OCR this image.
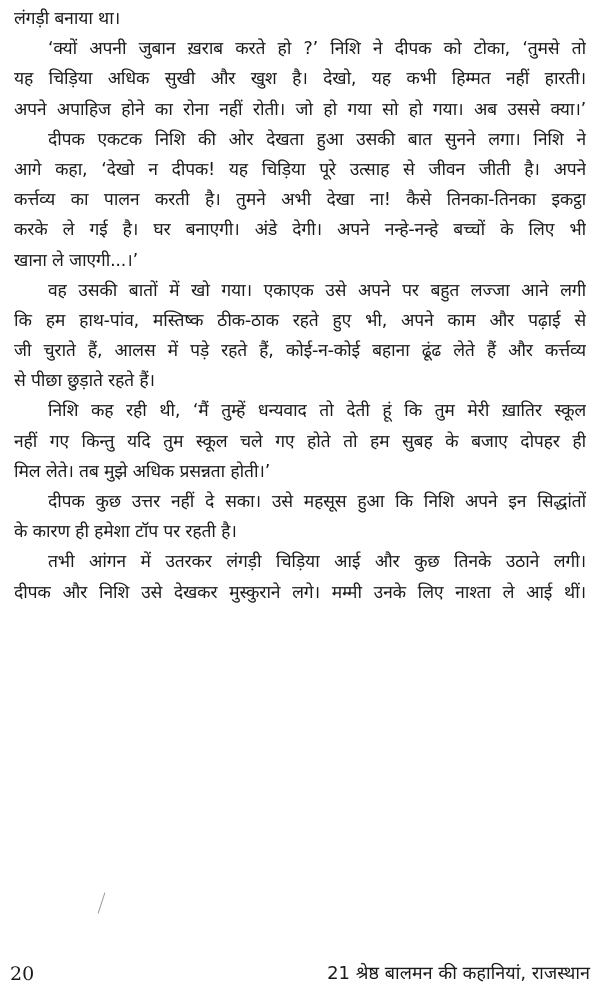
लंगड़ी बनाया था।
‘क्यों अपनी जुबान ख़राब करते हो ?’ निशि ने दीपक को टोका, ‘तुमसे तो
यह चिड़िया अधिक सुखी और खुश है। देखो, यह कभी हिम्मत नहीं हारती।
अपने अपाहिज होने का रोना नहीं रोती। जो हो गया सो हो गया। अब उससे क्या।’
दीपक एकटक निशि की ओर देखता हुआ उसकी बात सुनने लगा। निशि ने
आगे कहा, ‘देखो न दीपक! यह चिड़िया पूरे उत्साह से जीवन जीती है। अपने
कर्त्तव्य का पालन करती है। तुमने अभी देखा ना! कैसे तिनका-तिनका इकट्ठा
करके ले गई है। घर बनाएगी। अंडे देगी। अपने नन्हे-नन्हे बच्चों के लिए भी
खाना ले जाएगी...।’
वह उसकी बातों में खो गया। एकाएक उसे अपने पर बहुत लज्जा आने लगी
कि हम हाथ-पांव, मस्तिष्क ठीक-ठाक रहते हुए भी, अपने काम और पढ़ाई से
जी चुराते हैं, आलस में पड़े रहते हैं, कोई-न-कोई बहाना ढूंढ लेते हैं और कर्त्तव्य
से पीछा छुड़ाते रहते हैं।
निशि कह रही थी, ‘मैं तुम्हें धन्यवाद तो देती हूं कि तुम मेरी ख़ातिर स्कूल
नहीं गए किन्तु यदि तुम स्कूल चले गए होते तो हम सुबह के बजाए दोपहर ही
मिल लेते। तब मुझे अधिक प्रसन्नता होती।’
दीपक कुछ उत्तर नहीं दे सका। उसे महसूस हुआ कि निशि अपने इन सिद्धांतों
के कारण ही हमेशा टॉप पर रहती है।
तभी आंगन में उतरकर लंगड़ी चिड़िया आई और कुछ तिनके उठाने लगी।
दीपक और निशि उसे देखकर मुस्कुराने लगे। मम्मी उनके लिए नाश्ता ले आई थीं।
20	21 श्रेष्ठ बालमन की कहानियां, राजस्थान
